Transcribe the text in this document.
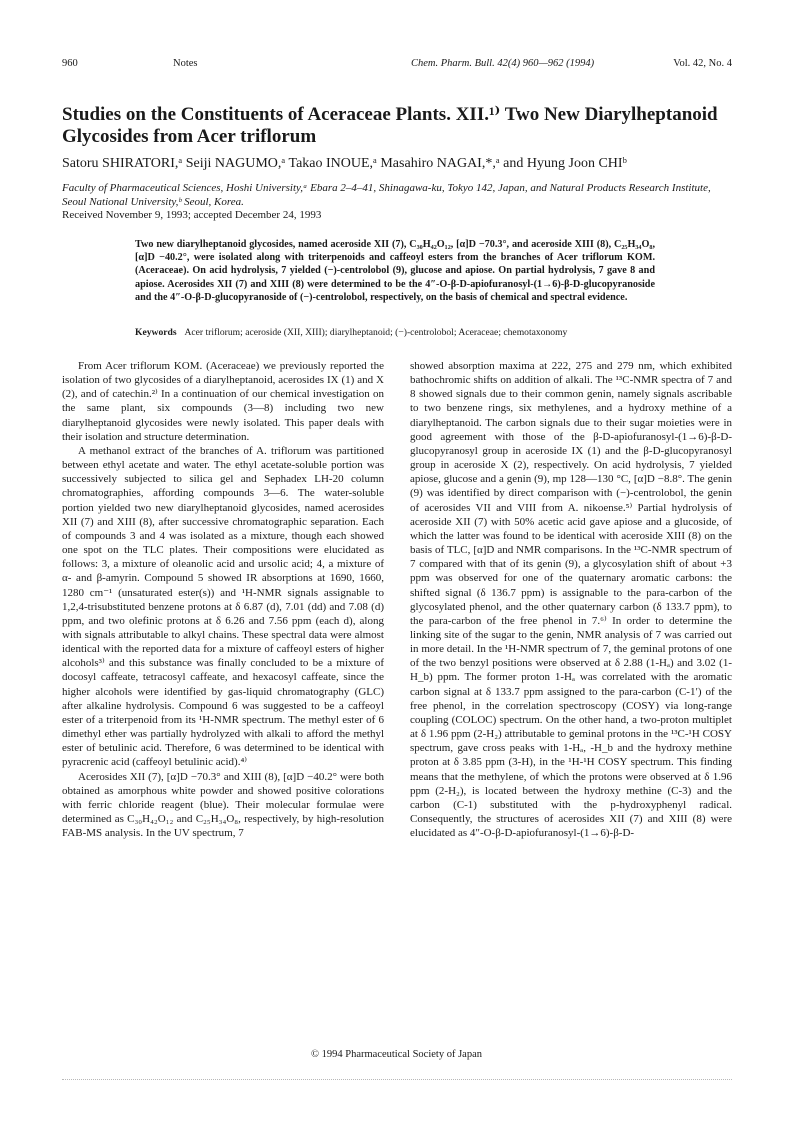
960	Notes	Chem. Pharm. Bull. 42(4) 960—962 (1994)	Vol. 42, No. 4
Studies on the Constituents of Aceraceae Plants. XII.¹⁾ Two New Diarylheptanoid Glycosides from Acer triflorum
Satoru SHIRATORI,ᵃ Seiji NAGUMO,ᵃ Takao INOUE,ᵃ Masahiro NAGAI,*,ᵃ and Hyung Joon CHIᵇ
Faculty of Pharmaceutical Sciences, Hoshi University,ᵃ Ebara 2–4–41, Shinagawa-ku, Tokyo 142, Japan, and Natural Products Research Institute, Seoul National University,ᵇ Seoul, Korea.
Received November 9, 1993; accepted December 24, 1993
Two new diarylheptanoid glycosides, named aceroside XII (7), C₃₀H₄₂O₁₂, [α]D −70.3°, and aceroside XIII (8), C₂₅H₃₄O₈, [α]D −40.2°, were isolated along with triterpenoids and caffeoyl esters from the branches of Acer triflorum KOM. (Aceraceae). On acid hydrolysis, 7 yielded (−)-centrolobol (9), glucose and apiose. On partial hydrolysis, 7 gave 8 and apiose. Acerosides XII (7) and XIII (8) were determined to be the 4″-O-β-D-apiofuranosyl-(1→6)-β-D-glucopyranoside and the 4″-O-β-D-glucopyranoside of (−)-centrolobol, respectively, on the basis of chemical and spectral evidence.
Keywords Acer triflorum; aceroside (XII, XIII); diarylheptanoid; (−)-centrolobol; Aceraceae; chemotaxonomy

From Acer triflorum KOM. (Aceraceae) we previously reported the isolation of two glycosides of a diarylheptanoid, acerosides IX (1) and X (2), and of catechin.²⁾ In a continuation of our chemical investigation on the same plant, six compounds (3—8) including two new diarylheptanoid glycosides were newly isolated. This paper deals with their isolation and structure determination.

A methanol extract of the branches of A. triflorum was partitioned between ethyl acetate and water. The ethyl acetate-soluble portion was successively subjected to silica gel and Sephadex LH-20 column chromatographies, affording compounds 3—6. The water-soluble portion yielded two new diarylheptanoid glycosides, named acerosides XII (7) and XIII (8), after successive chromatographic separation. Each of compounds 3 and 4 was isolated as a mixture, though each showed one spot on the TLC plates. Their compositions were elucidated as follows: 3, a mixture of oleanolic acid and ursolic acid; 4, a mixture of α- and β-amyrin. Compound 5 showed IR absorptions at 1690, 1660, 1280 cm⁻¹ (unsaturated ester(s)) and ¹H-NMR signals assignable to 1,2,4-trisubstituted benzene protons at δ 6.87 (d), 7.01 (dd) and 7.08 (d) ppm, and two olefinic protons at δ 6.26 and 7.56 ppm (each d), along with signals attributable to alkyl chains. These spectral data were almost identical with the reported data for a mixture of caffeoyl esters of higher alcohols³⁾ and this substance was finally concluded to be a mixture of docosyl caffeate, tetracosyl caffeate, and hexacosyl caffeate, since the higher alcohols were identified by gas-liquid chromatography (GLC) after alkaline hydrolysis. Compound 6 was suggested to be a caffeoyl ester of a triterpenoid from its ¹H-NMR spectrum. The methyl ester of 6 dimethyl ether was partially hydrolyzed with alkali to afford the methyl ester of betulinic acid. Therefore, 6 was determined to be identical with pyracrenic acid (caffeoyl betulinic acid).⁴⁾

Acerosides XII (7), [α]D −70.3° and XIII (8), [α]D −40.2° were both obtained as amorphous white powder and showed positive colorations with ferric chloride reagent (blue). Their molecular formulae were determined as C₃₀H₄₂O₁₂ and C₂₅H₃₄O₈, respectively, by high-resolution FAB-MS analysis. In the UV spectrum, 7

showed absorption maxima at 222, 275 and 279 nm, which exhibited bathochromic shifts on addition of alkali. The ¹³C-NMR spectra of 7 and 8 showed signals due to their common genin, namely signals ascribable to two benzene rings, six methylenes, and a hydroxy methine of a diarylheptanoid. The carbon signals due to their sugar moieties were in good agreement with those of the β-D-apiofuranosyl-(1→6)-β-D-glucopyranosyl group in aceroside IX (1) and the β-D-glucopyranosyl group in aceroside X (2), respectively. On acid hydrolysis, 7 yielded apiose, glucose and a genin (9), mp 128—130 °C, [α]D −8.8°. The genin (9) was identified by direct comparison with (−)-centrolobol, the genin of acerosides VII and VIII from A. nikoense.⁵⁾ Partial hydrolysis of aceroside XII (7) with 50% acetic acid gave apiose and a glucoside, of which the latter was found to be identical with aceroside XIII (8) on the basis of TLC, [α]D and NMR comparisons. In the ¹³C-NMR spectrum of 7 compared with that of its genin (9), a glycosylation shift of about +3 ppm was observed for one of the quaternary aromatic carbons: the shifted signal (δ 136.7 ppm) is assignable to the para-carbon of the glycosylated phenol, and the other quaternary carbon (δ 133.7 ppm), to the para-carbon of the free phenol in 7.⁶⁾ In order to determine the linking site of the sugar to the genin, NMR analysis of 7 was carried out in more detail. In the ¹H-NMR spectrum of 7, the geminal protons of one of the two benzyl positions were observed at δ 2.88 (1-Hₐ) and 3.02 (1-H_b) ppm. The former proton 1-Hₐ was correlated with the aromatic carbon signal at δ 133.7 ppm assigned to the para-carbon (C-1′) of the free phenol, in the correlation spectroscopy (COSY) via long-range coupling (COLOC) spectrum. On the other hand, a two-proton multiplet at δ 1.96 ppm (2-H₂) attributable to geminal protons in the ¹³C-¹H COSY spectrum, gave cross peaks with 1-Hₐ, -H_b and the hydroxy methine proton at δ 3.85 ppm (3-H), in the ¹H-¹H COSY spectrum. This finding means that the methylene, of which the protons were observed at δ 1.96 ppm (2-H₂), is located between the hydroxy methine (C-3) and the carbon (C-1) substituted with the p-hydroxyphenyl radical. Consequently, the structures of acerosides XII (7) and XIII (8) were elucidated as 4″-O-β-D-apiofuranosyl-(1→6)-β-D-

© 1994 Pharmaceutical Society of Japan
